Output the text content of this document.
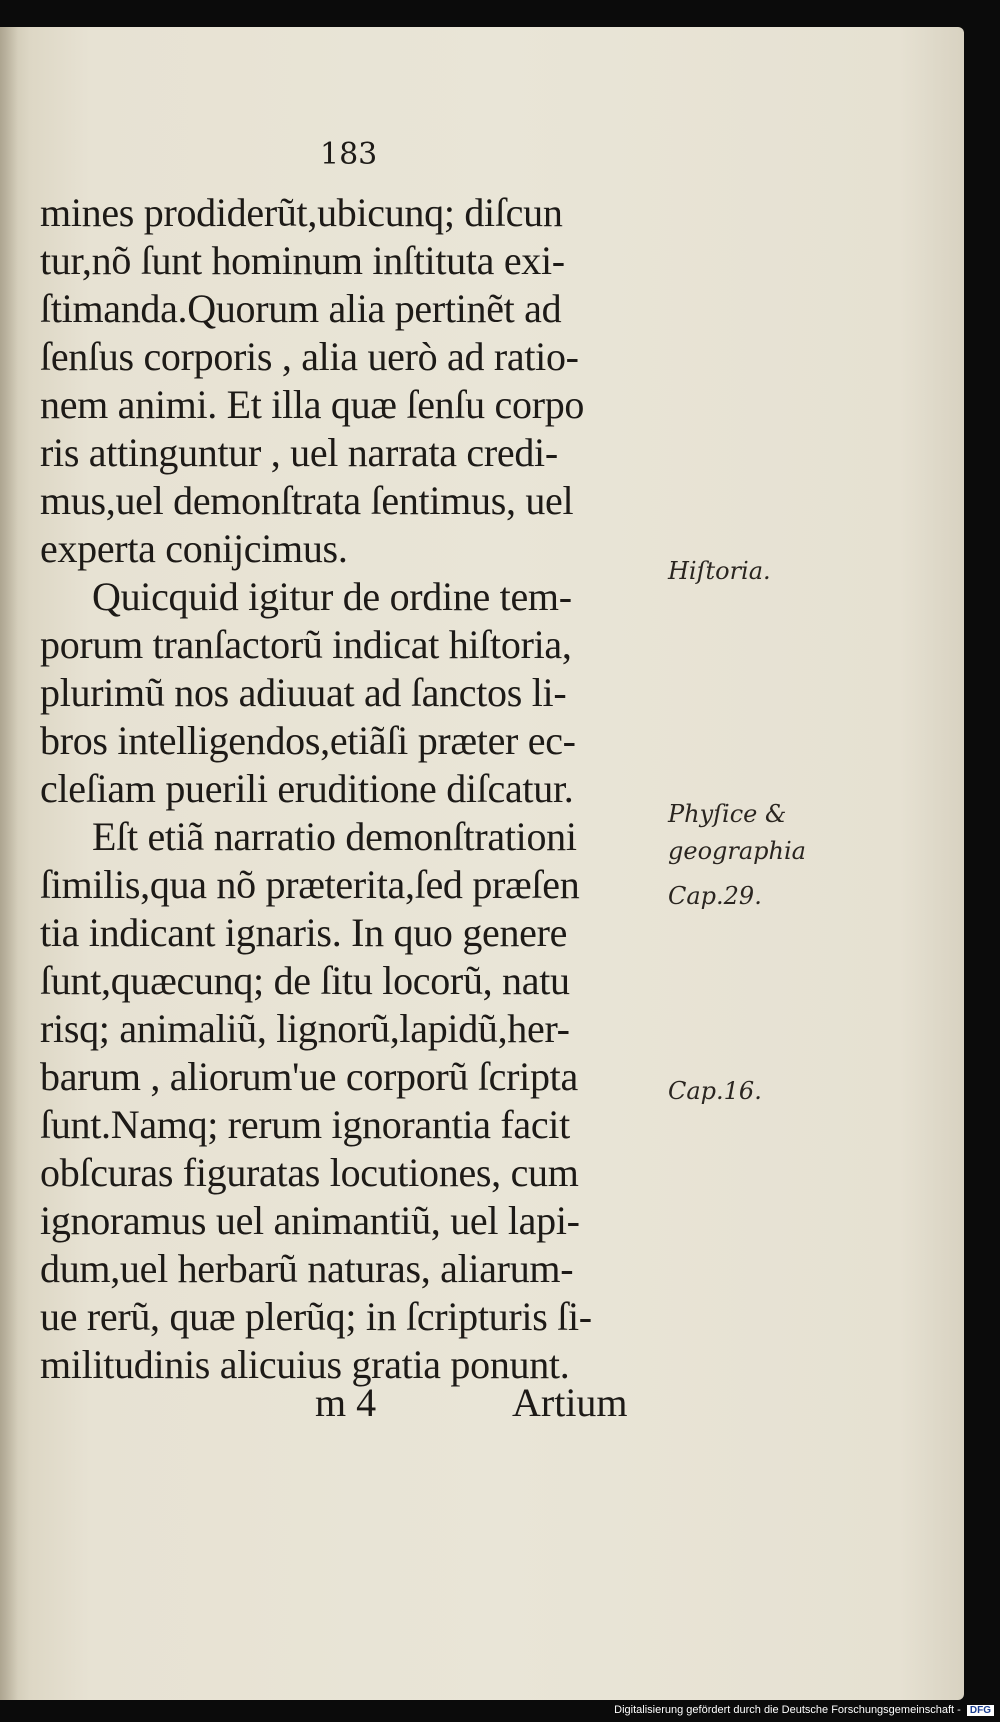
183
mines prodiderũt,ubicunq; diſcun
tur,nõ ſunt hominum inſtituta exi-
ſtimanda.Quorum alia pertinẽt ad
ſenſus corporis , alia uerò ad ratio-
nem animi. Et illa quæ ſenſu corpo
ris attinguntur , uel narrata credi-
mus,uel demonſtrata ſentimus, uel
experta conijcimus.
Quicquid igitur de ordine tem-
porum tranſactorũ indicat hiſtoria,
plurimũ nos adiuuat ad ſanctos li-
bros intelligendos,etiãſi præter ec-
cleſiam puerili eruditione diſcatur.
Eſt etiã narratio demonſtrationi
ſimilis,qua nõ præterita,ſed præſen
tia indicant ignaris. In quo genere
ſunt,quæcunq; de ſitu locorũ, natu
risq; animaliũ, lignorũ,lapidũ,her-
barum , aliorum'ue corporũ ſcripta
ſunt.Namq; rerum ignorantia facit
obſcuras figuratas locutiones, cum
ignoramus uel animantiũ, uel lapi-
dum,uel herbarũ naturas, aliarum-
ue rerũ, quæ plerũq; in ſcripturis ſi-
militudinis alicuius gratia ponunt.
Hiſtoria.
Phyſice &
geographia
Cap.29.
Cap.16.
m 4	Artium
Digitalisierung gefördert durch die Deutsche Forschungsgemeinschaft - DFG
